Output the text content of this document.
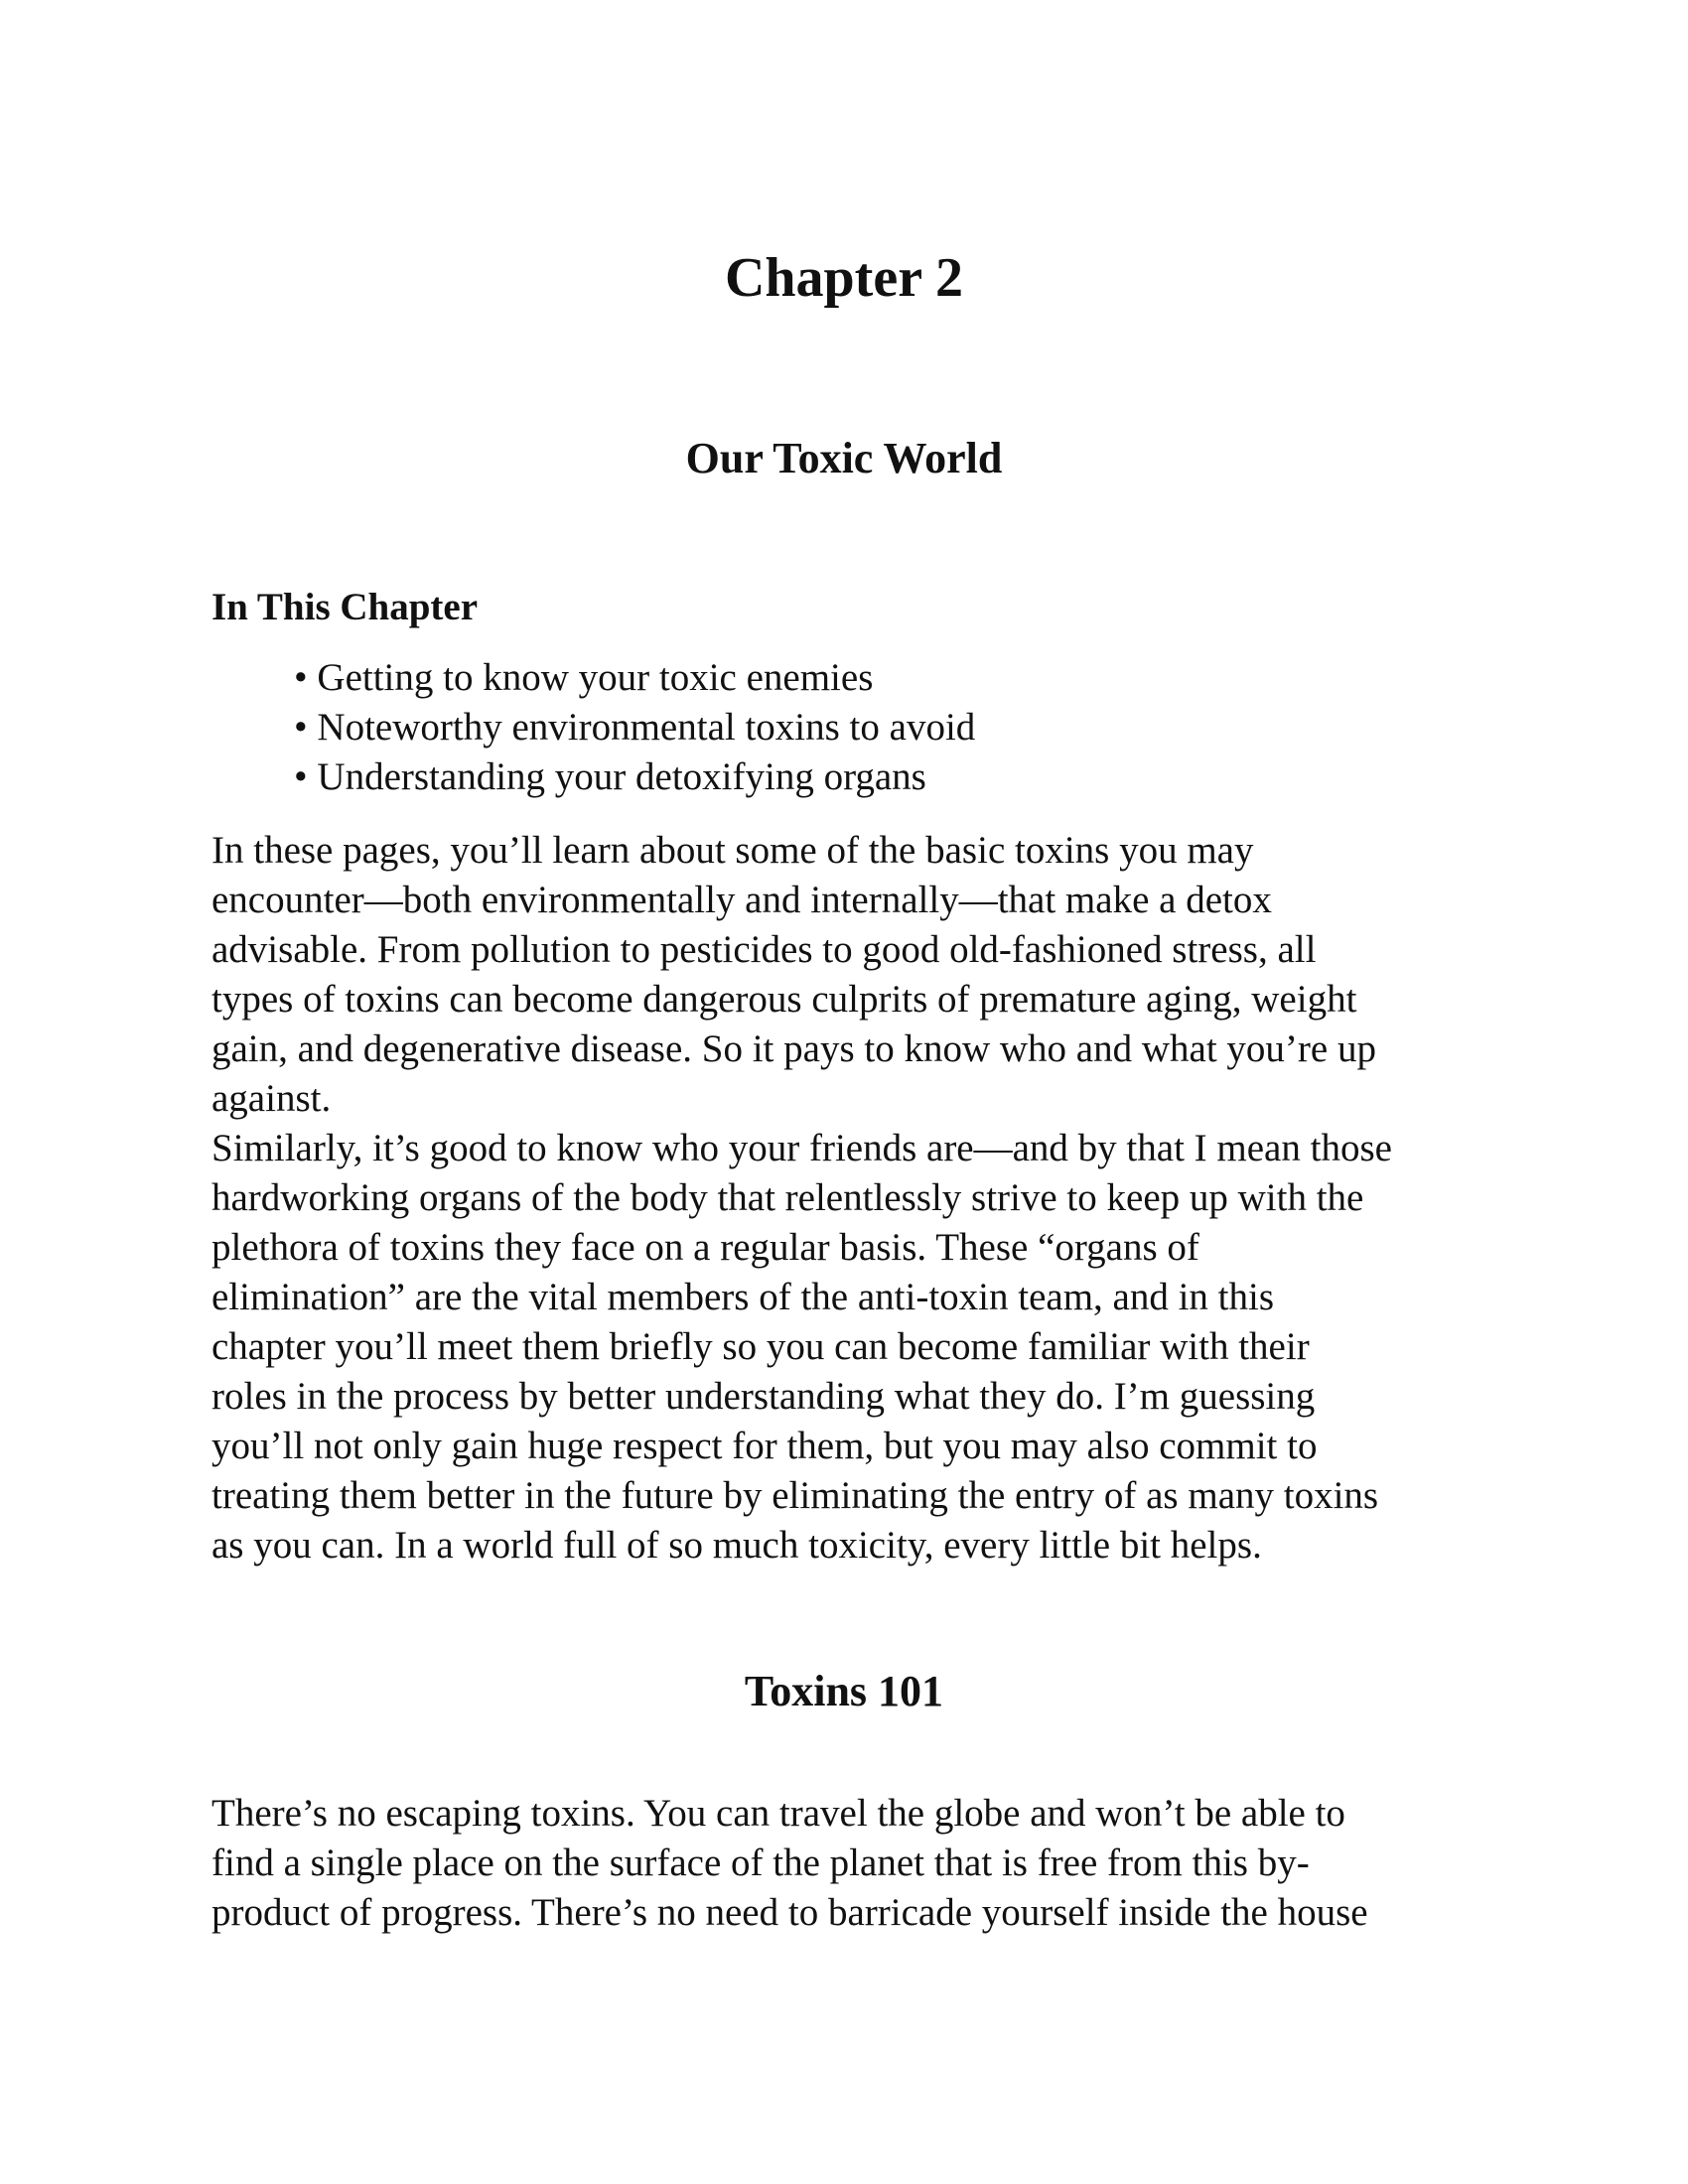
Chapter 2
Our Toxic World
In This Chapter
• Getting to know your toxic enemies
• Noteworthy environmental toxins to avoid
• Understanding your detoxifying organs

In these pages, you’ll learn about some of the basic toxins you may
encounter—both environmentally and internally—that make a detox
advisable. From pollution to pesticides to good old-fashioned stress, all
types of toxins can become dangerous culprits of premature aging, weight
gain, and degenerative disease. So it pays to know who and what you’re up
against.

Similarly, it’s good to know who your friends are—and by that I mean those
hardworking organs of the body that relentlessly strive to keep up with the
plethora of toxins they face on a regular basis. These “organs of
elimination” are the vital members of the anti-toxin team, and in this
chapter you’ll meet them briefly so you can become familiar with their
roles in the process by better understanding what they do. I’m guessing
you’ll not only gain huge respect for them, but you may also commit to
treating them better in the future by eliminating the entry of as many toxins
as you can. In a world full of so much toxicity, every little bit helps.

Toxins 101

There’s no escaping toxins. You can travel the globe and won’t be able to
find a single place on the surface of the planet that is free from this by-
product of progress. There’s no need to barricade yourself inside the house
